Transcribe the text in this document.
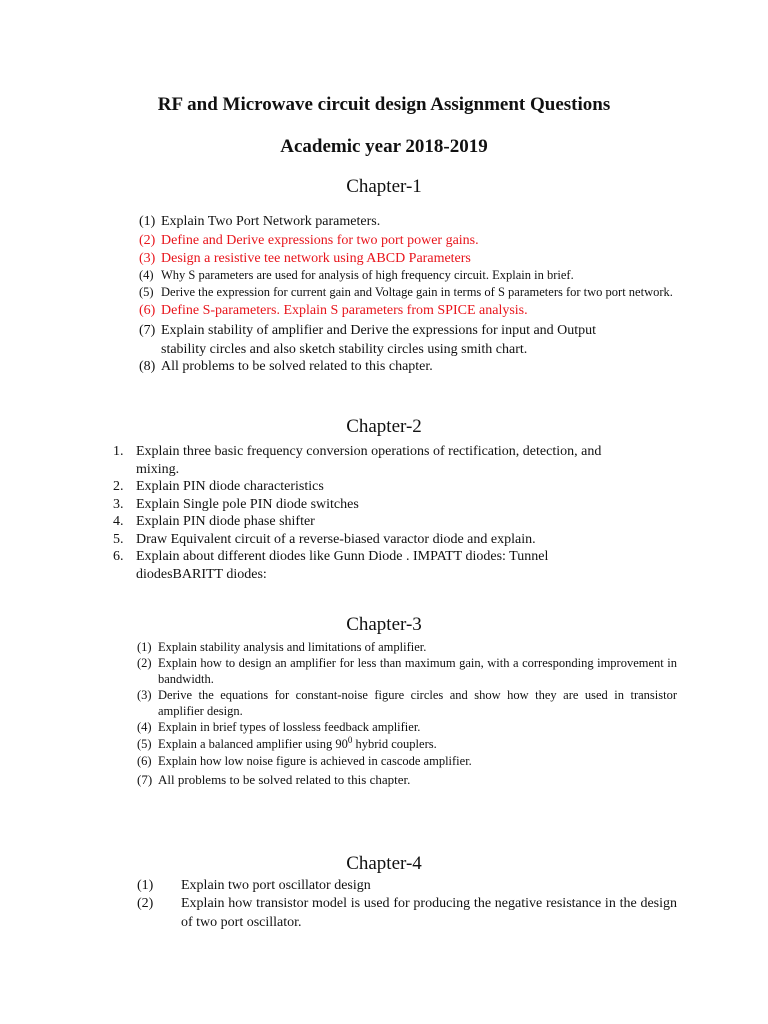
RF and Microwave circuit design Assignment Questions
Academic year 2018-2019
Chapter-1
(1) Explain Two Port Network parameters.
(2) Define and Derive expressions for two port power gains.
(3) Design a resistive tee network using ABCD Parameters
(4) Why S parameters are used for analysis of high frequency circuit. Explain in brief.
(5) Derive the expression for current gain and Voltage gain in terms of S parameters for two port network.
(6) Define S-parameters. Explain S parameters from SPICE analysis.
(7) Explain stability of amplifier and Derive the expressions for input and Output stability circles and also sketch stability circles using smith chart.
(8) All problems to be solved related to this chapter.
Chapter-2
1. Explain three basic frequency conversion operations of rectification, detection, and mixing.
2. Explain PIN diode characteristics
3. Explain Single pole PIN diode switches
4. Explain PIN diode phase shifter
5. Draw Equivalent circuit of a reverse-biased varactor diode and explain.
6. Explain about different diodes like Gunn Diode . IMPATT diodes: Tunnel diodesBARITT diodes:
Chapter-3
(1) Explain stability analysis and limitations of amplifier.
(2) Explain how to design an amplifier for less than maximum gain, with a corresponding improvement in bandwidth.
(3) Derive the equations for constant-noise figure circles and show how they are used in transistor amplifier design.
(4) Explain in brief types of lossless feedback amplifier.
(5) Explain a balanced amplifier using $90^0$ hybrid couplers.
(6) Explain how low noise figure is achieved in cascode amplifier.
(7) All problems to be solved related to this chapter.
Chapter-4
(1) Explain two port oscillator design
(2) Explain how transistor model is used for producing the negative resistance in the design of two port oscillator.
